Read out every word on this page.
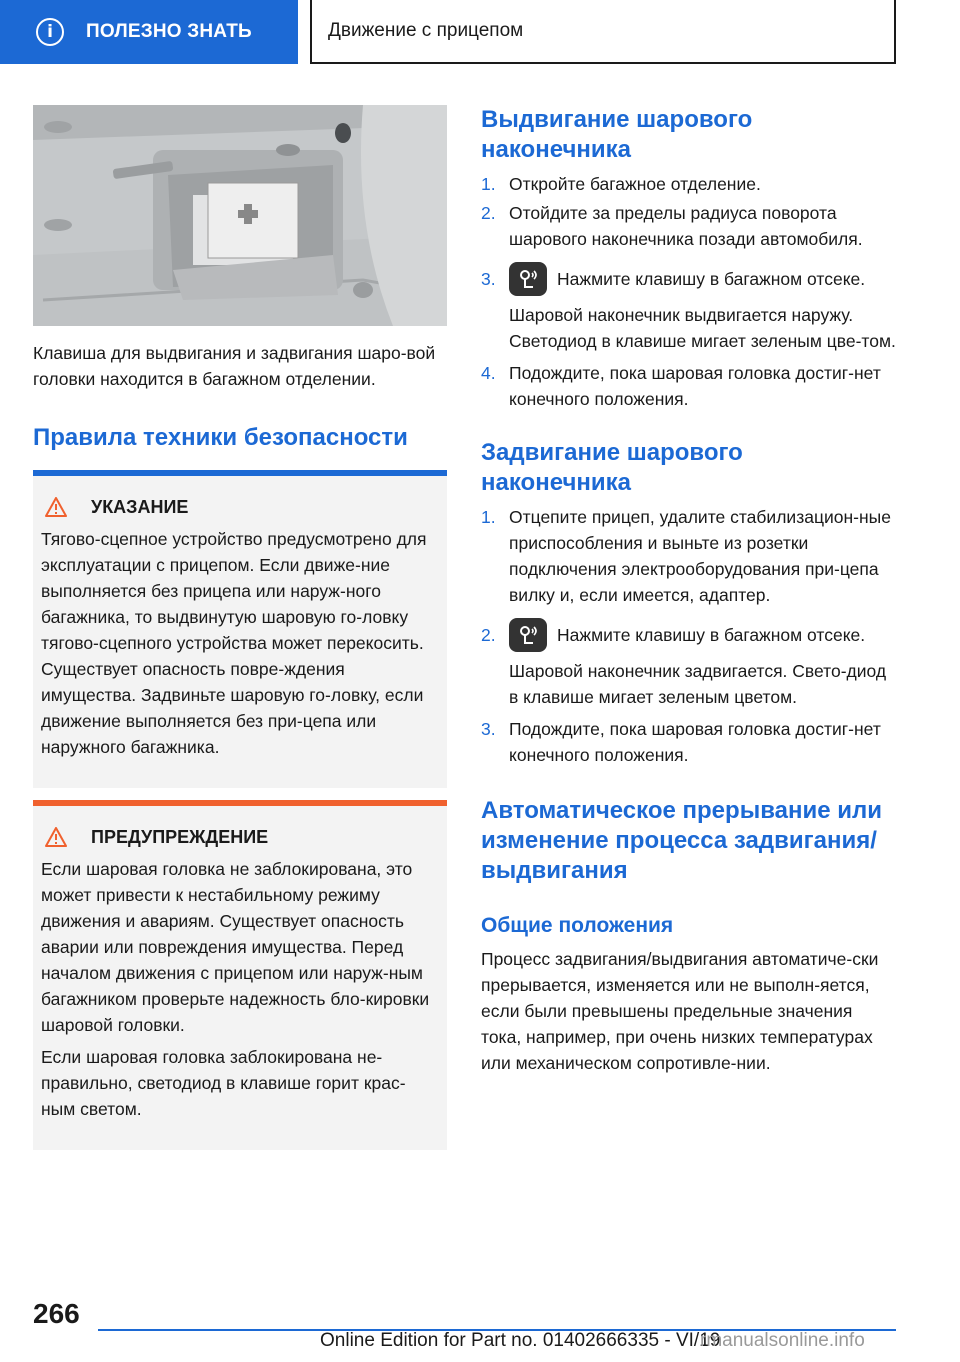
i	ПОЛЕЗНО ЗНАТЬ	Движение с прицепом

Клавиша для выдвигания и задвигания шаро-вой головки находится в багажном отделении.

Правила техники безопасности
УКАЗАНИЕ

Тягово-сцепное устройство предусмотрено для эксплуатации с прицепом. Если движе-ние выполняется без прицепа или наруж-ного багажника, то выдвинутую шаровую го-ловку тягово-сцепного устройства может перекосить. Существует опасность повре-ждения имущества. Задвиньте шаровую го-ловку, если движение выполняется без при-цепа или наружного багажника.

ПРЕДУПРЕЖДЕНИЕ

Если шаровая головка не заблокирована, это может привести к нестабильному режиму движения и авариям. Существует опасность аварии или повреждения имущества. Перед началом движения с прицепом или наруж-ным багажником проверьте надежность бло-кировки шаровой головки.

Если шаровая головка заблокирована не-правильно, светодиод в клавише горит крас-ным светом.

Выдвигание шарового наконечника
1. Откройте багажное отделение.
2. Отойдите за пределы радиуса поворота шарового наконечника позади автомобиля.
3.	Нажмите клавишу в багажном отсеке.

Шаровой наконечник выдвигается наружу. Светодиод в клавише мигает зеленым цве-том.

4. Подождите, пока шаровая головка достиг-нет конечного положения.
Задвигание шарового наконечника
1. Отцепите прицеп, удалите стабилизацион-ные приспособления и выньте из розетки подключения электрооборудования при-цепа вилку и, если имеется, адаптер.
2.	Нажмите клавишу в багажном отсеке.

Шаровой наконечник задвигается. Свето-диод в клавише мигает зеленым цветом.

3. Подождите, пока шаровая головка достиг-нет конечного положения.
Автоматическое прерывание или изменение процесса задвигания/выдвигания
Общие положения

Процесс задвигания/выдвигания автоматиче-ски прерывается, изменяется или не выполн-яется, если были превышены предельные значения тока, например, при очень низких температурах или механическом сопротивле-нии.

266
Online Edition for Part no. 01402666335 - VI/19
rmanualsonline.info
